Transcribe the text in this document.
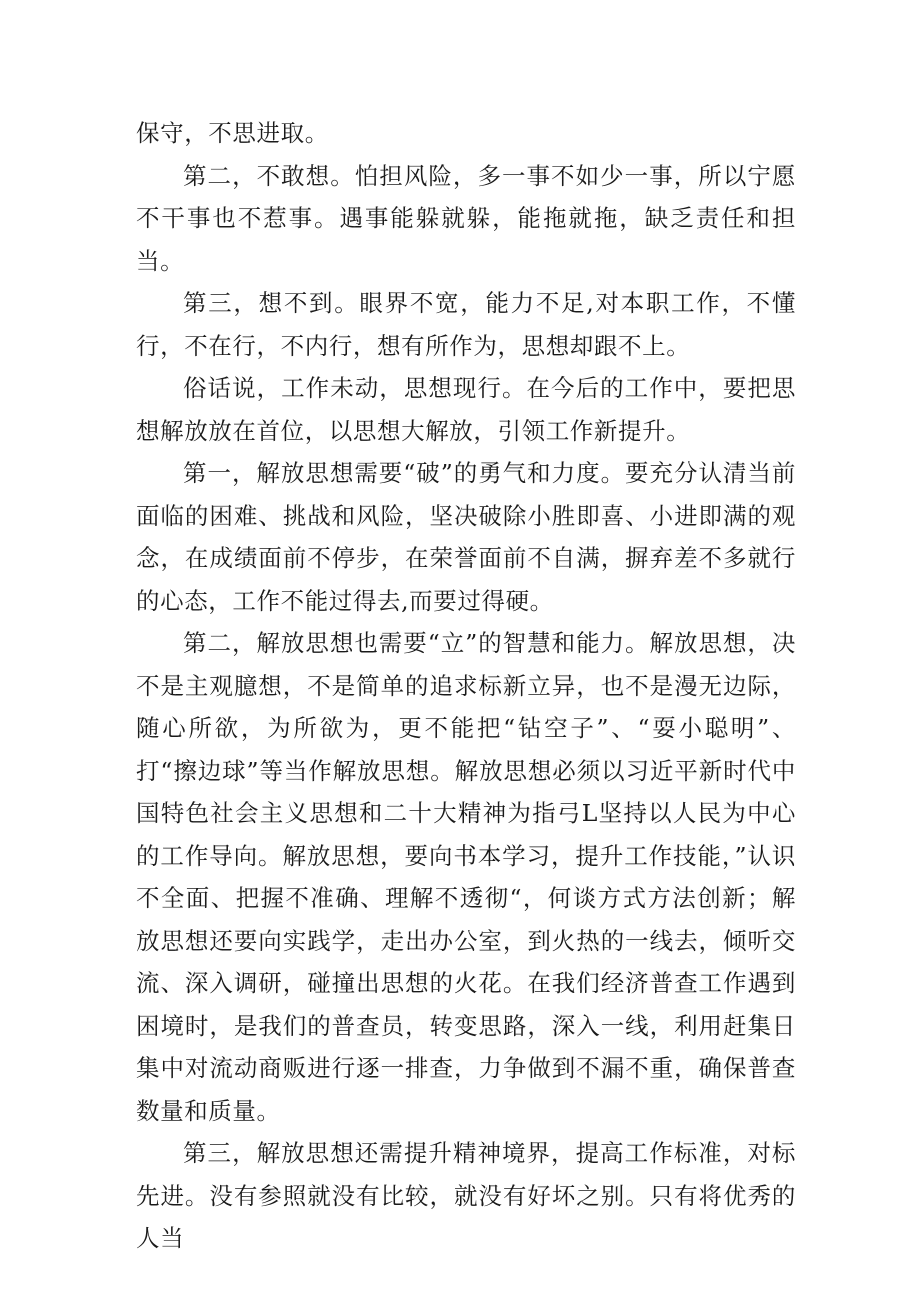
保守，不思进取。

第二，不敢想。怕担风险，多一事不如少一事，所以宁愿不干事也不惹事。遇事能躲就躲，能拖就拖，缺乏责任和担当。

第三，想不到。眼界不宽，能力不足,对本职工作，不懂行，不在行，不内行，想有所作为，思想却跟不上。

俗话说，工作未动，思想现行。在今后的工作中，要把思想解放放在首位，以思想大解放，引领工作新提升。

第一，解放思想需要“破”的勇气和力度。要充分认清当前面临的困难、挑战和风险，坚决破除小胜即喜、小进即满的观念，在成绩面前不停步，在荣誉面前不自满，摒弃差不多就行的心态，工作不能过得去,而要过得硬。

第二，解放思想也需要“立”的智慧和能力。解放思想，决不是主观臆想，不是简单的追求标新立异，也不是漫无边际，随心所欲，为所欲为，更不能把“钻空子”、“耍小聪明”、打“擦边球”等当作解放思想。解放思想必须以习近平新时代中国特色社会主义思想和二十大精神为指弓L坚持以人民为中心的工作导向。解放思想，要向书本学习，提升工作技能，”认识不全面、把握不准确、理解不透彻“，何谈方式方法创新；解放思想还要向实践学，走出办公室，到火热的一线去，倾听交流、深入调研，碰撞出思想的火花。在我们经济普查工作遇到困境时，是我们的普查员，转变思路，深入一线，利用赶集日集中对流动商贩进行逐一排查，力争做到不漏不重，确保普查数量和质量。

第三，解放思想还需提升精神境界，提高工作标准，对标先进。没有参照就没有比较，就没有好坏之别。只有将优秀的人当
